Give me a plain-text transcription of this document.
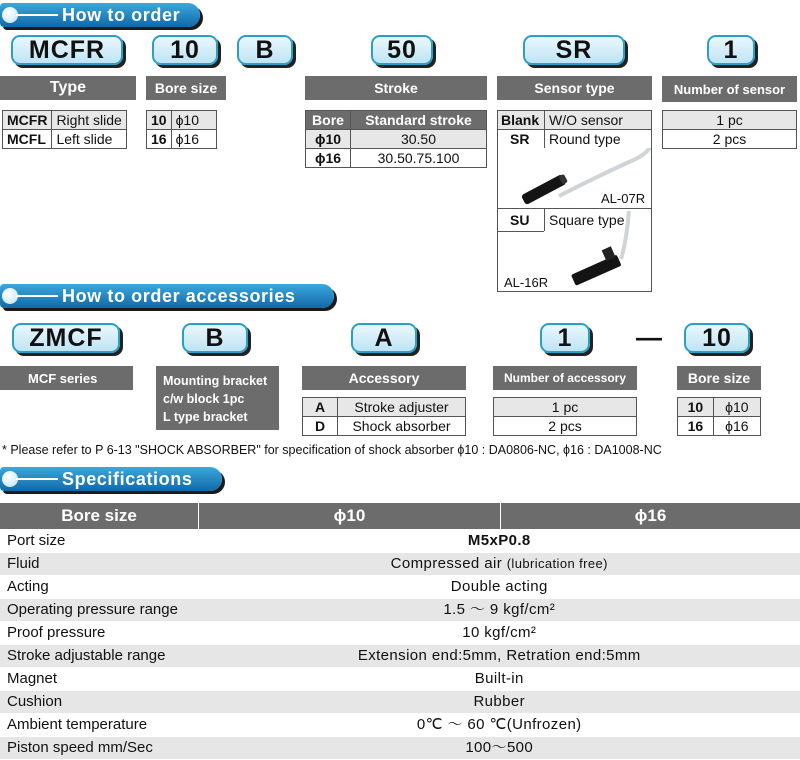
How to order
MCFR	10	B	50	SR	1
Type
MCFR	Right slide
MCFL	Left slide
Bore size
10	ϕ10
16	ϕ16
Stroke
Bore	Standard stroke
ϕ10	30.50
ϕ16	30.50.75.100
Sensor type
Blank W/O sensor
SR Round type
AL-07R
SU Square type
AL-16R
Number of sensor
1 pc
2 pcs
How to order accessories
ZMCF	B	A	1	—	10
MCF series	Mounting bracket
c/w block 1pc
L type bracket 2pcs
Accessory
A	Stroke adjuster
D	Shock absorber
Number of accessory
1 pc
2 pcs
Bore size
10	ϕ10
16	ϕ16
* Please refer to P 6-13 "SHOCK ABSORBER" for specification of shock absorber ϕ10 : DA0806-NC, ϕ16 : DA1008-NC
Specifications
Bore size	ϕ10	ϕ16
Port size	M5xP0.8	
Fluid	Compressed air (lubrication free)	
Acting	Double acting	
Operating pressure range	1.5 ～ 9 kgf/cm²	
Proof pressure	10 kgf/cm²	
Stroke adjustable range	Extension end:5mm, Retration end:5mm	
Magnet	Built-in	
Cushion	Rubber	
Ambient temperature	0℃ ～ 60 ℃(Unfrozen)	
Piston speed mm/Sec	100～500	
